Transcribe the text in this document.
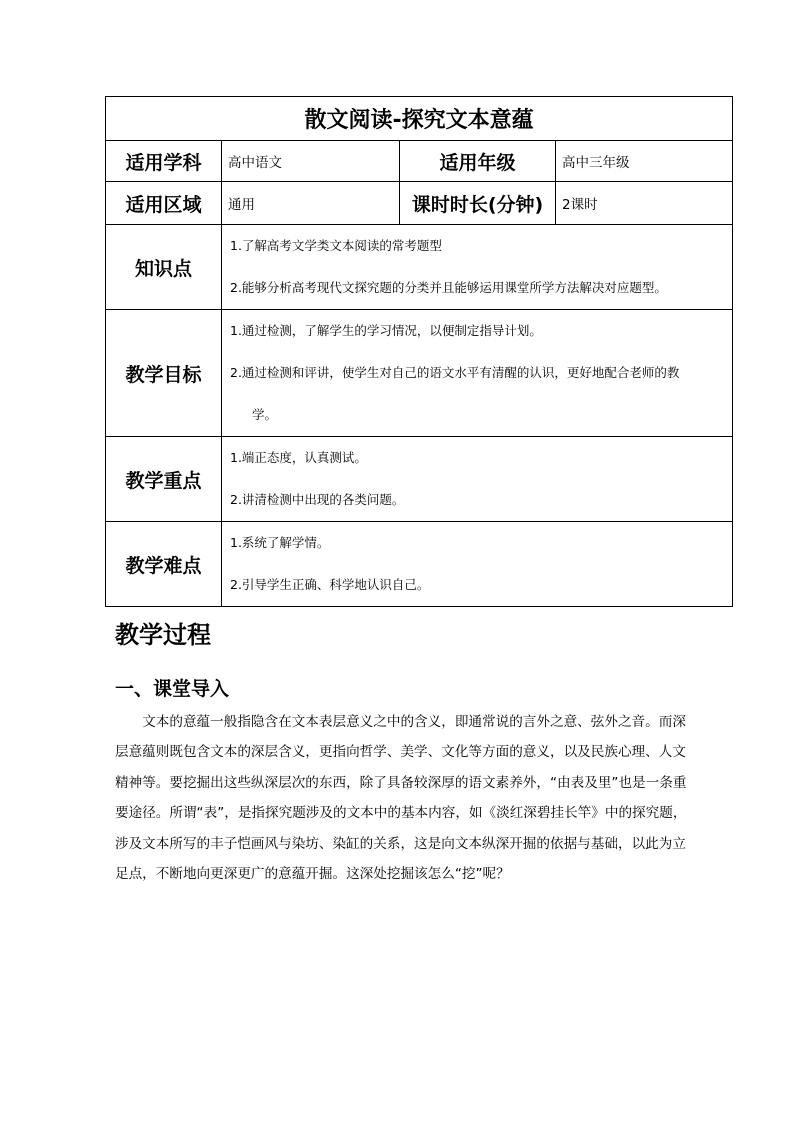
散文阅读-探究文本意蕴			
适用学科	高中语文	适用年级	高中三年级
适用区域	通用	课时时长(分钟)	2课时
知识点	1.了解高考文学类文本阅读的常考题型

2.能够分析高考现代文探究题的分类并且能够运用课堂所学方法解决对应题型。		

教学目标	1.通过检测，了解学生的学习情况，以便制定指导计划。

2.通过检测和评讲，使学生对自己的语文水平有清醒的认识，更好地配合老师的教

学。		

教学重点	1.端正态度，认真测试。

2.讲清检测中出现的各类问题。		

教学难点	1.系统了解学情。

2.引导学生正确、科学地认识自己。		

教学过程
一、课堂导入

文本的意蕴一般指隐含在文本表层意义之中的含义，即通常说的言外之意、弦外之音。而深层意蕴则既包含文本的深层含义，更指向哲学、美学、文化等方面的意义，以及民族心理、人文精神等。要挖掘出这些纵深层次的东西，除了具备较深厚的语文素养外，“由表及里”也是一条重要途径。所谓“表”，是指探究题涉及的文本中的基本内容，如《淡红深碧挂长竿》中的探究题，涉及文本所写的丰子恺画风与染坊、染缸的关系，这是向文本纵深开掘的依据与基础，以此为立足点，不断地向更深更广的意蕴开掘。这深处挖掘该怎么“挖”呢？
